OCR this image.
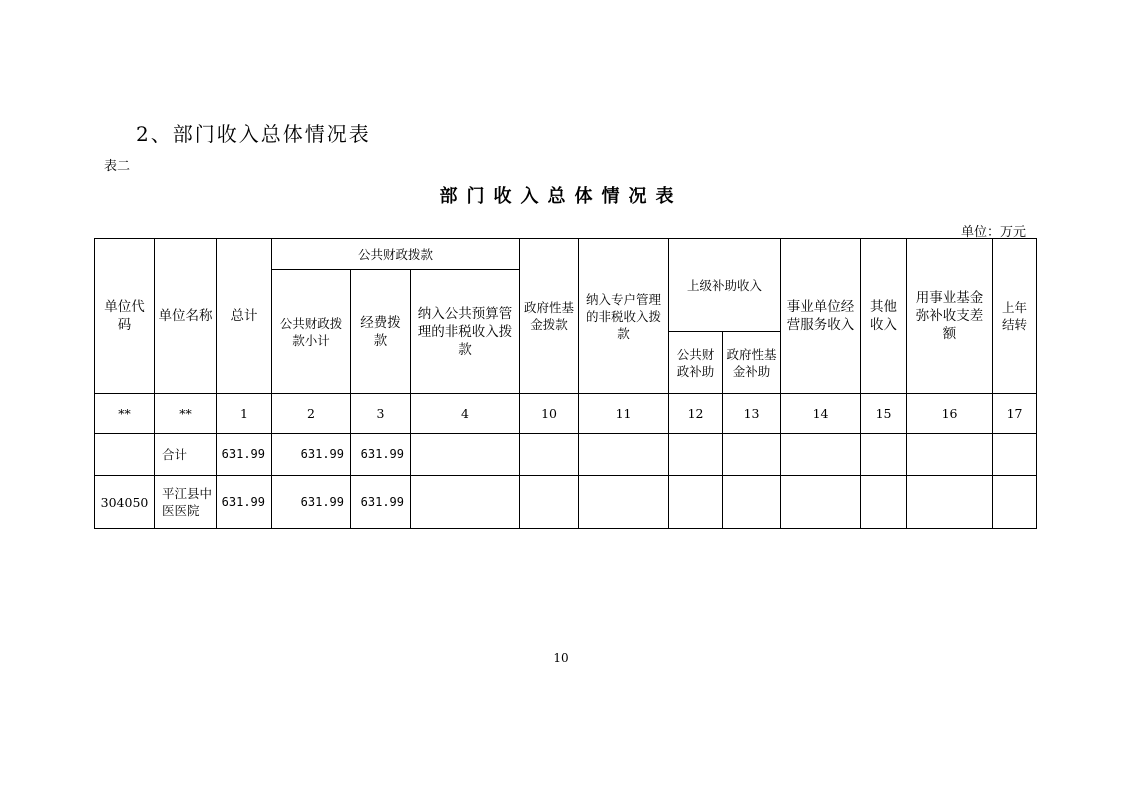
2、部门收入总体情况表
表二
部门收入总体情况表
单位：万元
单位代码	单位名称	总计	公共财政拨款			政府性基金拨款	纳入专户管理的非税收入拨款	上级补助收入		事业单位经营服务收入	其他收入	用事业基金弥补收支差额	上年结转
			公共财政拨款小计	经费拨款	纳入公共预算管理的非税收入拨款								
								公共财政补助	政府性基金补助				
**	**	1	2	3	4	10	11	12	13	14	15	16	17
	合计	631.99	631.99	631.99									
304050	平江县中医医院	631.99	631.99	631.99									
10
